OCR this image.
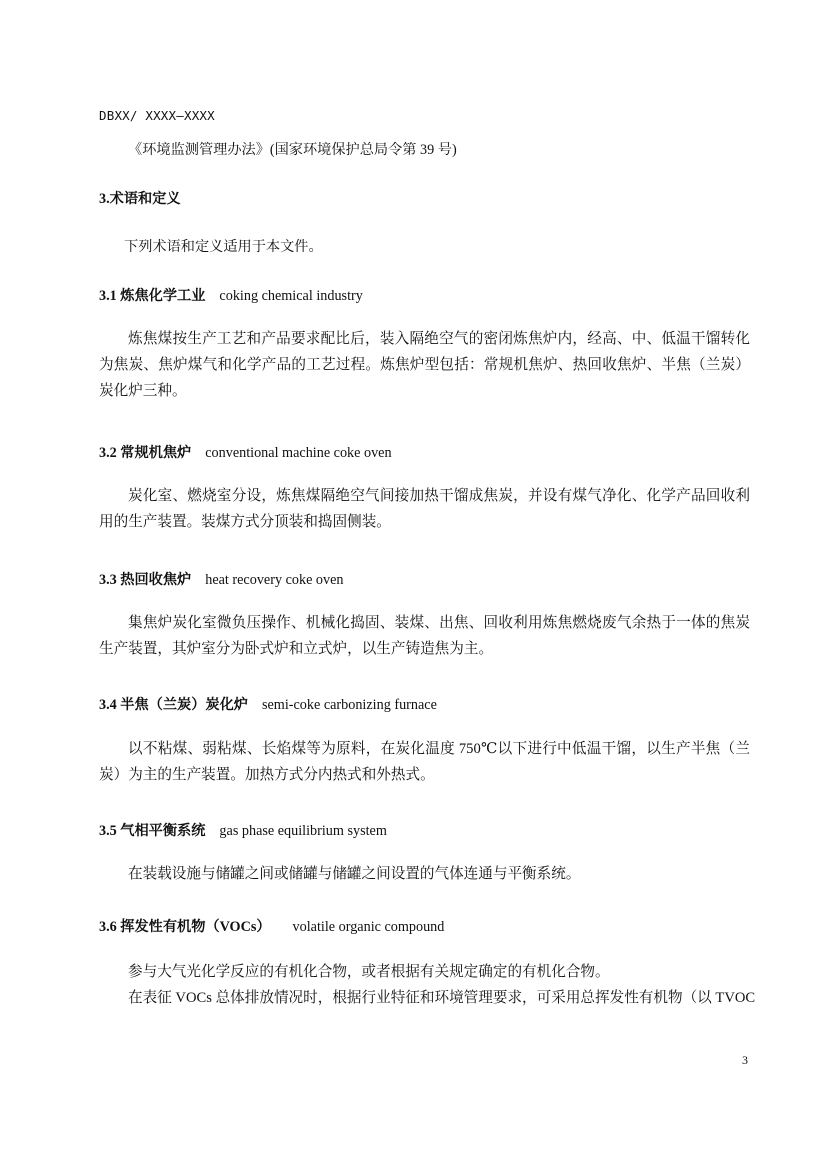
DBXX/ XXXX—XXXX
《环境监测管理办法》(国家环境保护总局令第 39 号)
3.术语和定义
下列术语和定义适用于本文件。
3.1 炼焦化学工业 coking chemical industry
炼焦煤按生产工艺和产品要求配比后，装入隔绝空气的密闭炼焦炉内，经高、中、低温干馏转化为焦炭、焦炉煤气和化学产品的工艺过程。炼焦炉型包括：常规机焦炉、热回收焦炉、半焦（兰炭）炭化炉三种。
3.2 常规机焦炉 conventional machine coke oven
炭化室、燃烧室分设，炼焦煤隔绝空气间接加热干馏成焦炭，并设有煤气净化、化学产品回收利用的生产装置。装煤方式分顶装和捣固侧装。
3.3 热回收焦炉 heat recovery coke oven
集焦炉炭化室微负压操作、机械化捣固、装煤、出焦、回收利用炼焦燃烧废气余热于一体的焦炭生产装置，其炉室分为卧式炉和立式炉，以生产铸造焦为主。
3.4 半焦（兰炭）炭化炉 semi-coke carbonizing furnace
以不粘煤、弱粘煤、长焰煤等为原料，在炭化温度 750℃以下进行中低温干馏，以生产半焦（兰炭）为主的生产装置。加热方式分内热式和外热式。
3.5 气相平衡系统 gas phase equilibrium system
在装载设施与储罐之间或储罐与储罐之间设置的气体连通与平衡系统。
3.6 挥发性有机物（VOCs） volatile organic compound
参与大气光化学反应的有机化合物，或者根据有关规定确定的有机化合物。
在表征 VOCs 总体排放情况时，根据行业特征和环境管理要求，可采用总挥发性有机物（以 TVOC
3
